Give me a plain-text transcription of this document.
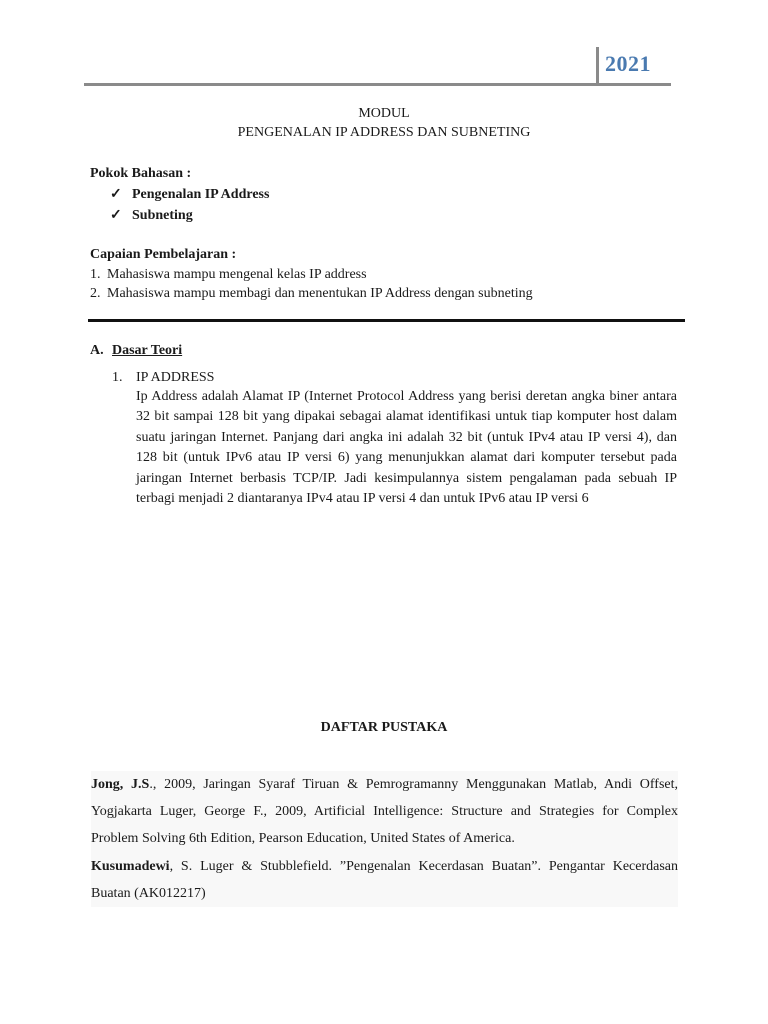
2021
MODUL
PENGENALAN IP ADDRESS DAN SUBNETING
Pokok Bahasan :
✓ Pengenalan IP Address
✓ Subneting
Capaian Pembelajaran :
1. Mahasiswa mampu mengenal kelas IP address
2. Mahasiswa mampu membagi dan menentukan IP Address dengan subneting
A. Dasar Teori
1. IP ADDRESS
Ip Address adalah Alamat IP (Internet Protocol Address yang berisi deretan angka biner antara 32 bit sampai 128 bit yang dipakai sebagai alamat identifikasi untuk tiap komputer host dalam suatu jaringan Internet. Panjang dari angka ini adalah 32 bit (untuk IPv4 atau IP versi 4), dan 128 bit (untuk IPv6 atau IP versi 6) yang menunjukkan alamat dari komputer tersebut pada jaringan Internet berbasis TCP/IP. Jadi kesimpulannya sistem pengalaman pada sebuah IP terbagi menjadi 2 diantaranya IPv4 atau IP versi 4 dan untuk IPv6 atau IP versi 6
DAFTAR PUSTAKA
Jong, J.S., 2009, Jaringan Syaraf Tiruan & Pemrogramanny Menggunakan Matlab, Andi Offset, Yogjakarta Luger, George F., 2009, Artificial Intelligence: Structure and Strategies for Complex Problem Solving 6th Edition, Pearson Education, United States of America.
Kusumadewi, S. Luger & Stubblefield. ”Pengenalan Kecerdasan Buatan”. Pengantar Kecerdasan Buatan (AK012217)
